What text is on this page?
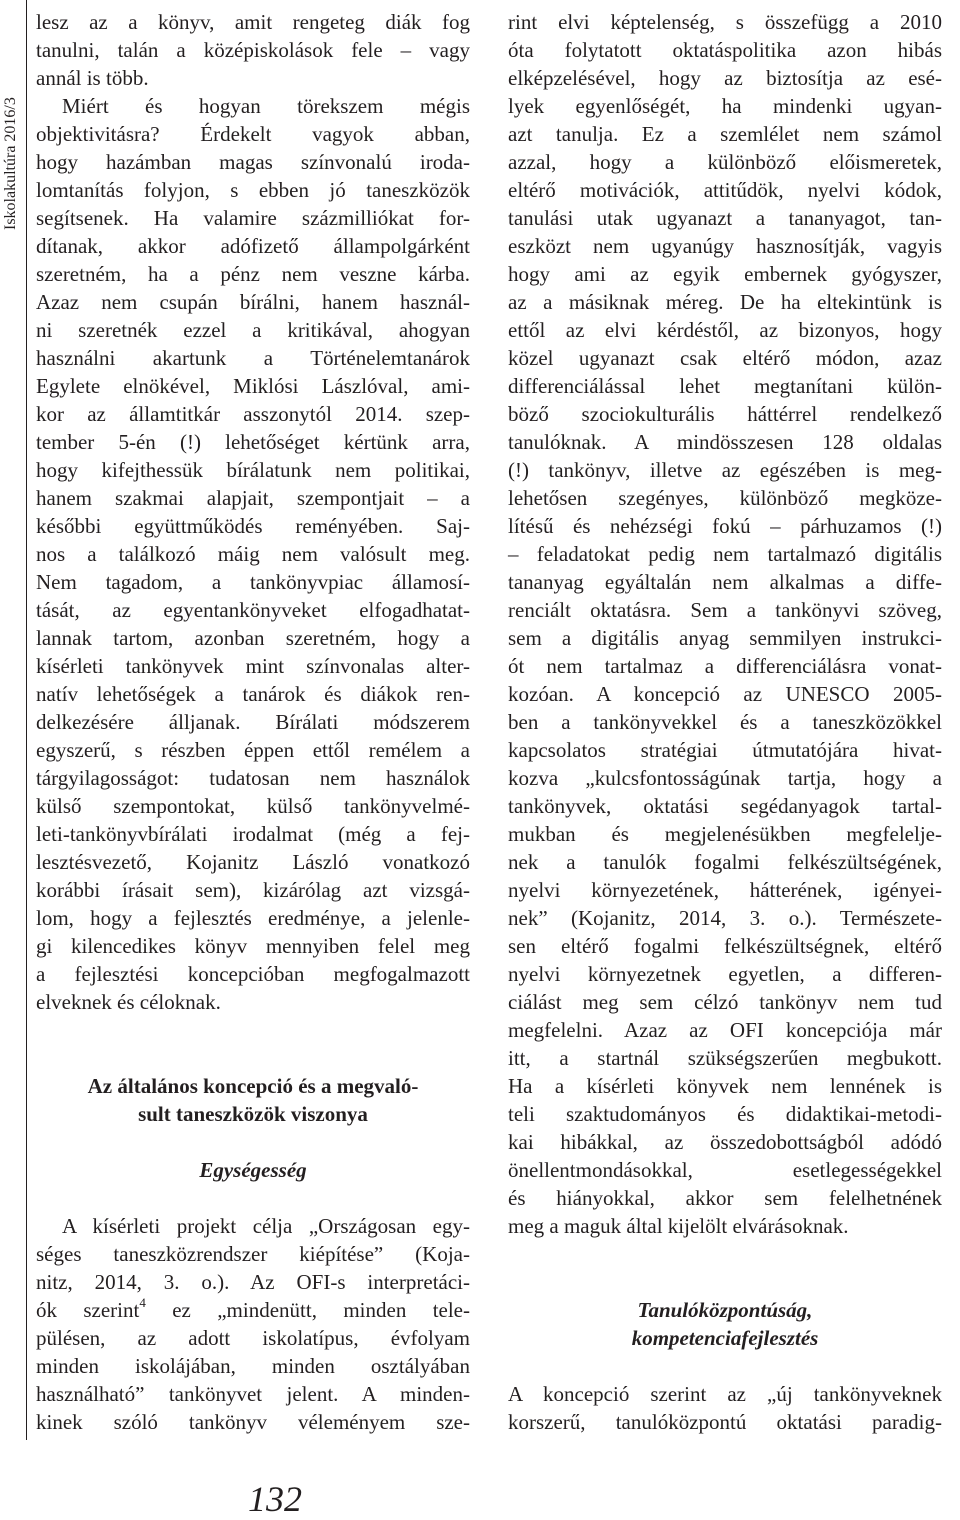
Iskolakultúra 2016/3
lesz az a könyv, amit rengeteg diák fog
tanulni, talán a középiskolások fele – vagy
annál is több.
Miért és hogyan törekszem mégis
objektivitásra? Érdekelt vagyok abban,
hogy hazámban magas színvonalú iroda-
lomtanítás folyjon, s ebben jó taneszközök
segítsenek. Ha valamire százmilliókat for-
dítanak, akkor adófizető állampolgárként
szeretném, ha a pénz nem veszne kárba.
Azaz nem csupán bírálni, hanem használ-
ni szeretnék ezzel a kritikával, ahogyan
használni akartunk a Történelemtanárok
Egylete elnökével, Miklósi Lászlóval, ami-
kor az államtitkár asszonytól 2014. szep-
tember 5-én (!) lehetőséget kértünk arra,
hogy kifejthessük bírálatunk nem politikai,
hanem szakmai alapjait, szempontjait – a
későbbi együttműködés reményében. Saj-
nos a találkozó máig nem valósult meg.
Nem tagadom, a tankönyvpiac államosí-
tását, az egyentankönyveket elfogadhatat-
lannak tartom, azonban szeretném, hogy a
kísérleti tankönyvek mint színvonalas alter-
natív lehetőségek a tanárok és diákok ren-
delkezésére álljanak. Bírálati módszerem
egyszerű, s részben éppen ettől remélem a
tárgyilagosságot: tudatosan nem használok
külső szempontokat, külső tankönyvelmé-
leti-tankönyvbírálati irodalmat (még a fej-
lesztésvezető, Kojanitz László vonatkozó
korábbi írásait sem), kizárólag azt vizsgá-
lom, hogy a fejlesztés eredménye, a jelenle-
gi kilencedikes könyv mennyiben felel meg
a fejlesztési koncepcióban megfogalmazott
elveknek és céloknak.
Az általános koncepció és a megvaló-
sult taneszközök viszonya
Egységesség
A kísérleti projekt célja „Országosan egy-
séges taneszközrendszer kiépítése” (Koja-
nitz, 2014, 3. o.). Az OFI-s interpretáci-
ók szerint$^4$ ez „mindenütt, minden tele-
pülésen, az adott iskolatípus, évfolyam
minden iskolájában, minden osztályában
használható” tankönyvet jelent. A minden-
kinek szóló tankönyv véleményem sze-
rint elvi képtelenség, s összefügg a 2010
óta folytatott oktatáspolitika azon hibás
elképzelésével, hogy az biztosítja az esé-
lyek egyenlőségét, ha mindenki ugyan-
azt tanulja. Ez a szemlélet nem számol
azzal, hogy a különböző előismeretek,
eltérő motivációk, attitűdök, nyelvi kódok,
tanulási utak ugyanazt a tananyagot, tan-
eszközt nem ugyanúgy hasznosítják, vagyis
hogy ami az egyik embernek gyógyszer,
az a másiknak méreg. De ha eltekintünk is
ettől az elvi kérdéstől, az bizonyos, hogy
közel ugyanazt csak eltérő módon, azaz
differenciálással lehet megtanítani külön-
böző szociokulturális háttérrel rendelkező
tanulóknak. A mindösszesen 128 oldalas
(!) tankönyv, illetve az egészében is meg-
lehetősen szegényes, különböző megköze-
lítésű és nehézségi fokú – párhuzamos (!)
– feladatokat pedig nem tartalmazó digitális
tananyag egyáltalán nem alkalmas a diffe-
renciált oktatásra. Sem a tankönyvi szöveg,
sem a digitális anyag semmilyen instrukci-
ót nem tartalmaz a differenciálásra vonat-
kozóan. A koncepció az UNESCO 2005-
ben a tankönyvekkel és a taneszközökkel
kapcsolatos stratégiai útmutatójára hivat-
kozva „kulcsfontosságúnak tartja, hogy a
tankönyvek, oktatási segédanyagok tartal-
mukban és megjelenésükben megfelelje-
nek a tanulók fogalmi felkészültségének,
nyelvi környezetének, hátterének, igényei-
nek” (Kojanitz, 2014, 3. o.). Természete-
sen eltérő fogalmi felkészültségnek, eltérő
nyelvi környezetnek egyetlen, a differen-
ciálást meg sem célzó tankönyv nem tud
megfelelni. Azaz az OFI koncepciója már
itt, a startnál szükségszerűen megbukott.
Ha a kísérleti könyvek nem lennének is
teli szaktudományos és didaktikai-metodi-
kai hibákkal, az összedobottságból adódó
önellentmondásokkal, esetlegességekkel
és hiányokkal, akkor sem felelhetnének
meg a maguk által kijelölt elvárásoknak.
Tanulóközpontúság,
kompetenciafejlesztés
A koncepció szerint az „új tankönyveknek
korszerű, tanulóközpontú oktatási paradig-
132
